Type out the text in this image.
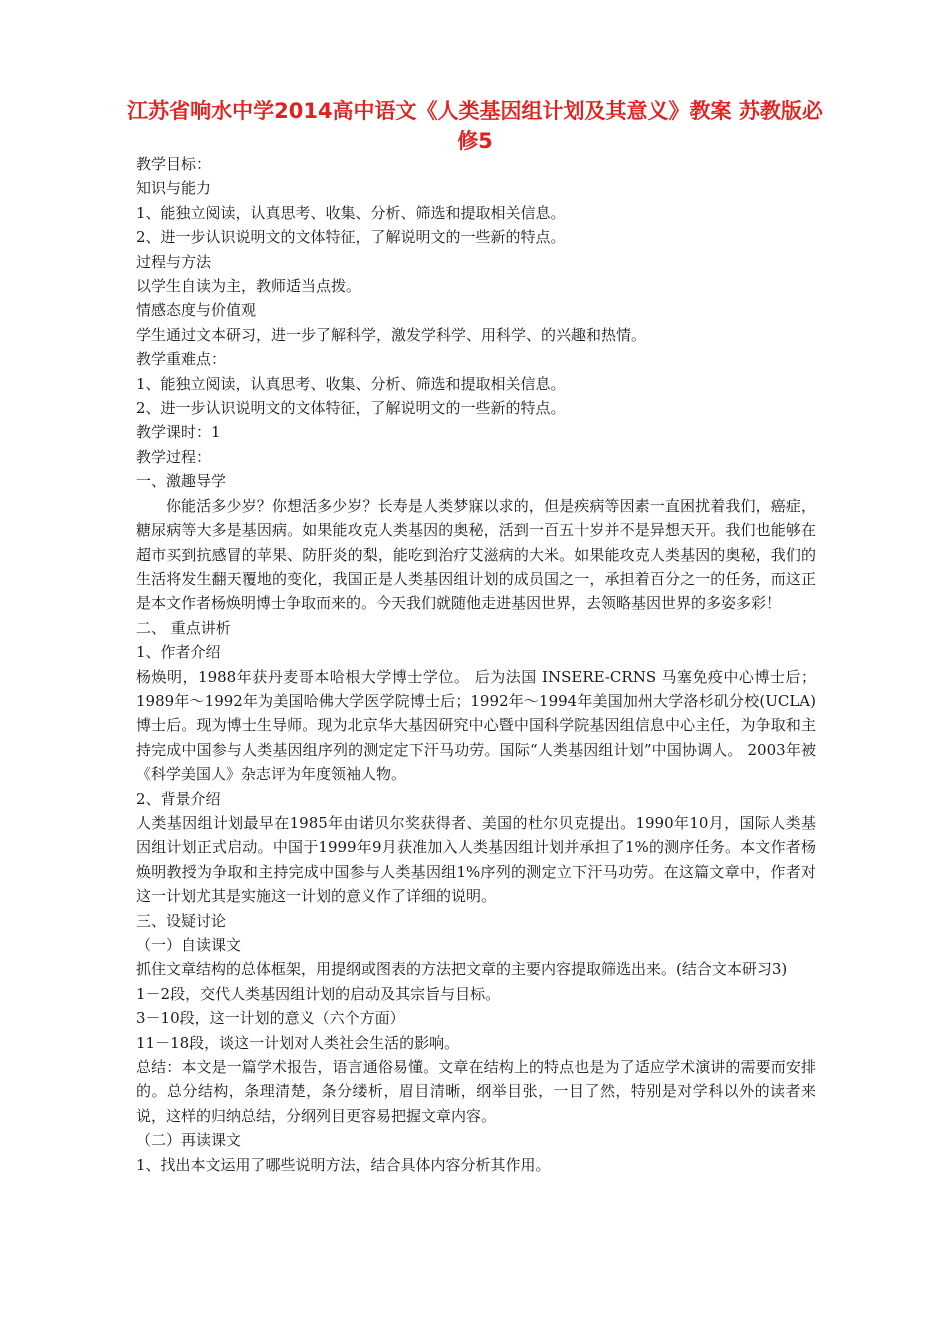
江苏省响水中学2014高中语文《人类基因组计划及其意义》教案 苏教版必修5

教学目标：

知识与能力

1、能独立阅读，认真思考、收集、分析、筛选和提取相关信息。

2、进一步认识说明文的文体特征，了解说明文的一些新的特点。

过程与方法

以学生自读为主，教师适当点拨。

情感态度与价值观

学生通过文本研习，进一步了解科学，激发学科学、用科学、的兴趣和热情。

教学重难点：

1、能独立阅读，认真思考、收集、分析、筛选和提取相关信息。

2、进一步认识说明文的文体特征，了解说明文的一些新的特点。

教学课时：1

教学过程：

一、激趣导学

你能活多少岁？你想活多少岁？长寿是人类梦寐以求的，但是疾病等因素一直困扰着我们，癌症，糖尿病等大多是基因病。如果能攻克人类基因的奥秘，活到一百五十岁并不是异想天开。我们也能够在超市买到抗感冒的苹果、防肝炎的梨，能吃到治疗艾滋病的大米。如果能攻克人类基因的奥秘，我们的生活将发生翻天覆地的变化，我国正是人类基因组计划的成员国之一，承担着百分之一的任务，而这正是本文作者杨焕明博士争取而来的。今天我们就随他走进基因世界，去领略基因世界的多姿多彩！

二、 重点讲析

1、作者介绍

杨焕明，1988年获丹麦哥本哈根大学博士学位。 后为法国 INSERE-CRNS 马塞免疫中心博士后；1989年～1992年为美国哈佛大学医学院博士后；1992年～1994年美国加州大学洛杉矶分校(UCLA)博士后。现为博士生导师。现为北京华大基因研究中心暨中国科学院基因组信息中心主任，为争取和主持完成中国参与人类基因组序列的测定定下汗马功劳。国际“人类基因组计划”中国协调人。 2003年被《科学美国人》杂志评为年度领袖人物。

2、背景介绍

人类基因组计划最早在1985年由诺贝尔奖获得者、美国的杜尔贝克提出。1990年10月，国际人类基因组计划正式启动。中国于1999年9月获准加入人类基因组计划并承担了1%的测序任务。本文作者杨焕明教授为争取和主持完成中国参与人类基因组1%序列的测定立下汗马功劳。在这篇文章中，作者对这一计划尤其是实施这一计划的意义作了详细的说明。

三、设疑讨论

（一）自读课文

抓住文章结构的总体框架，用提纲或图表的方法把文章的主要内容提取筛选出来。(结合文本研习3)

1－2段，交代人类基因组计划的启动及其宗旨与目标。

3－10段，这一计划的意义（六个方面）

11－18段，谈这一计划对人类社会生活的影响。

总结：本文是一篇学术报告，语言通俗易懂。文章在结构上的特点也是为了适应学术演讲的需要而安排的。总分结构，条理清楚，条分缕析，眉目清晰，纲举目张，一目了然，特别是对学科以外的读者来说，这样的归纳总结，分纲列目更容易把握文章内容。

（二）再读课文

1、找出本文运用了哪些说明方法，结合具体内容分析其作用。
